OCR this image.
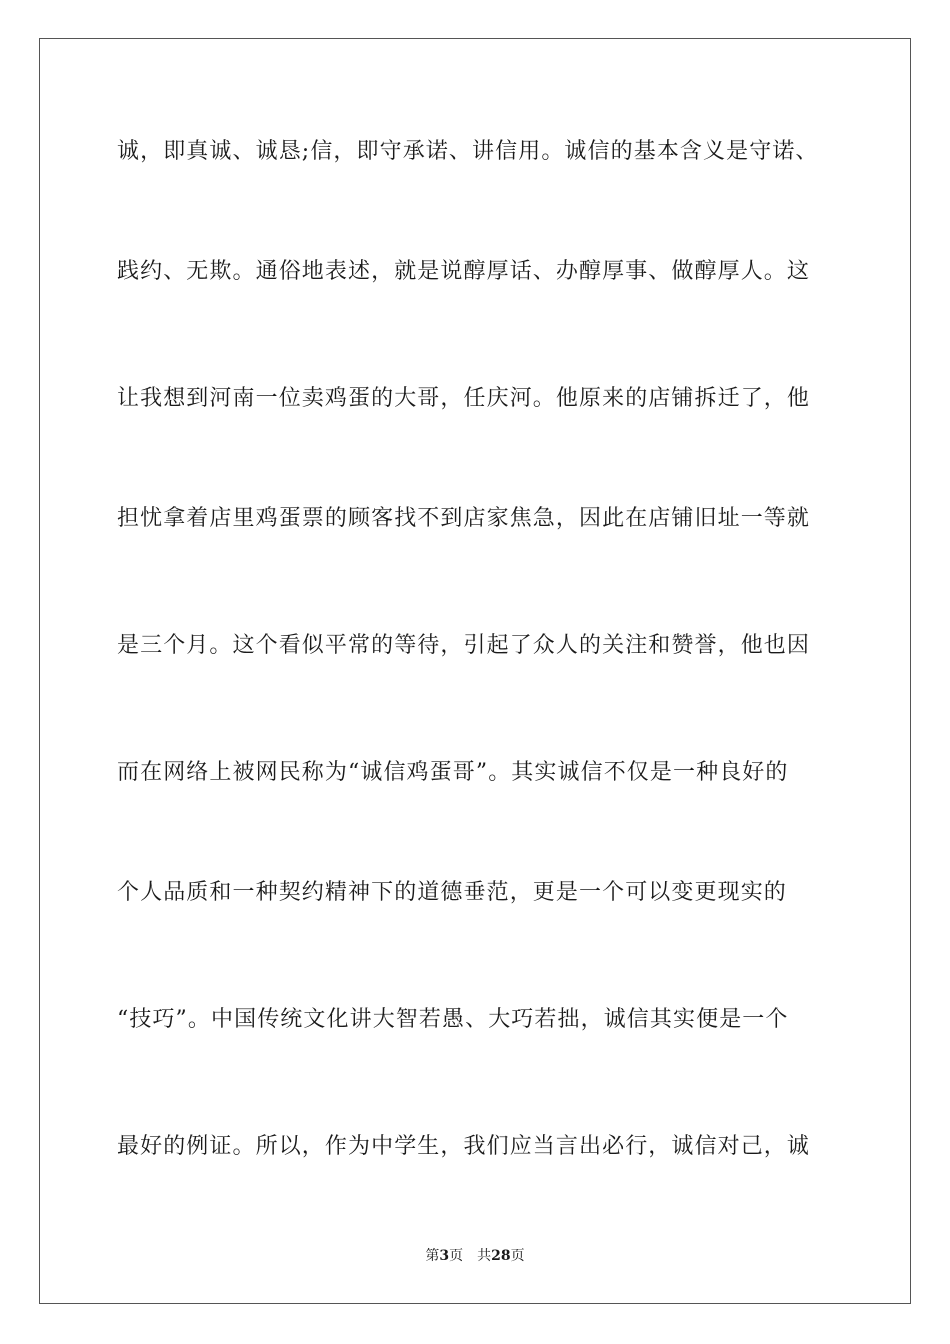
诚，即真诚、诚恳;信，即守承诺、讲信用。诚信的基本含义是守诺、
践约、无欺。通俗地表述，就是说醇厚话、办醇厚事、做醇厚人。这
让我想到河南一位卖鸡蛋的大哥，任庆河。他原来的店铺拆迁了，他
担忧拿着店里鸡蛋票的顾客找不到店家焦急，因此在店铺旧址一等就
是三个月。这个看似平常的等待，引起了众人的关注和赞誉，他也因
而在网络上被网民称为“诚信鸡蛋哥”。其实诚信不仅是一种良好的
个人品质和一种契约精神下的道德垂范，更是一个可以变更现实的
“技巧”。中国传统文化讲大智若愚、大巧若拙，诚信其实便是一个
最好的例证。所以，作为中学生，我们应当言出必行，诚信对己，诚
第3页 共28页
